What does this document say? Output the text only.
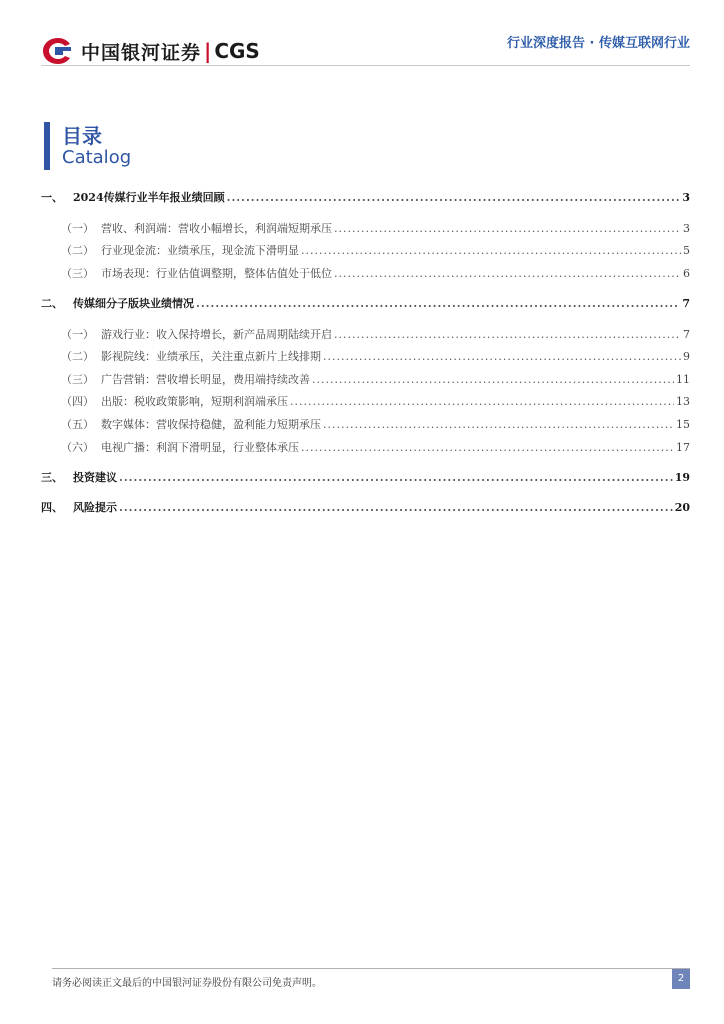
中国银河证券 | CGS	行业深度报告 · 传媒互联网行业
目录
Catalog
一、 2024传媒行业半年报业绩回顾 .....	3
（一） 营收、利润端：营收小幅增长，利润端短期承压 .....	3
（二） 行业现金流：业绩承压，现金流下滑明显 .....	5
（三） 市场表现：行业估值调整期，整体估值处于低位 .....	6
二、 传媒细分子版块业绩情况 .....	7
（一） 游戏行业：收入保持增长，新产品周期陆续开启 .....	7
（二） 影视院线：业绩承压，关注重点新片上线排期 .....	9
（三） 广告营销：营收增长明显，费用端持续改善 .....	11
（四） 出版：税收政策影响，短期利润端承压 .....	13
（五） 数字媒体：营收保持稳健，盈利能力短期承压 .....	15
（六） 电视广播：利润下滑明显，行业整体承压 .....	17
三、 投资建议 .....	19
四、 风险提示 .....	20
请务必阅读正文最后的中国银河证券股份有限公司免责声明。	2
